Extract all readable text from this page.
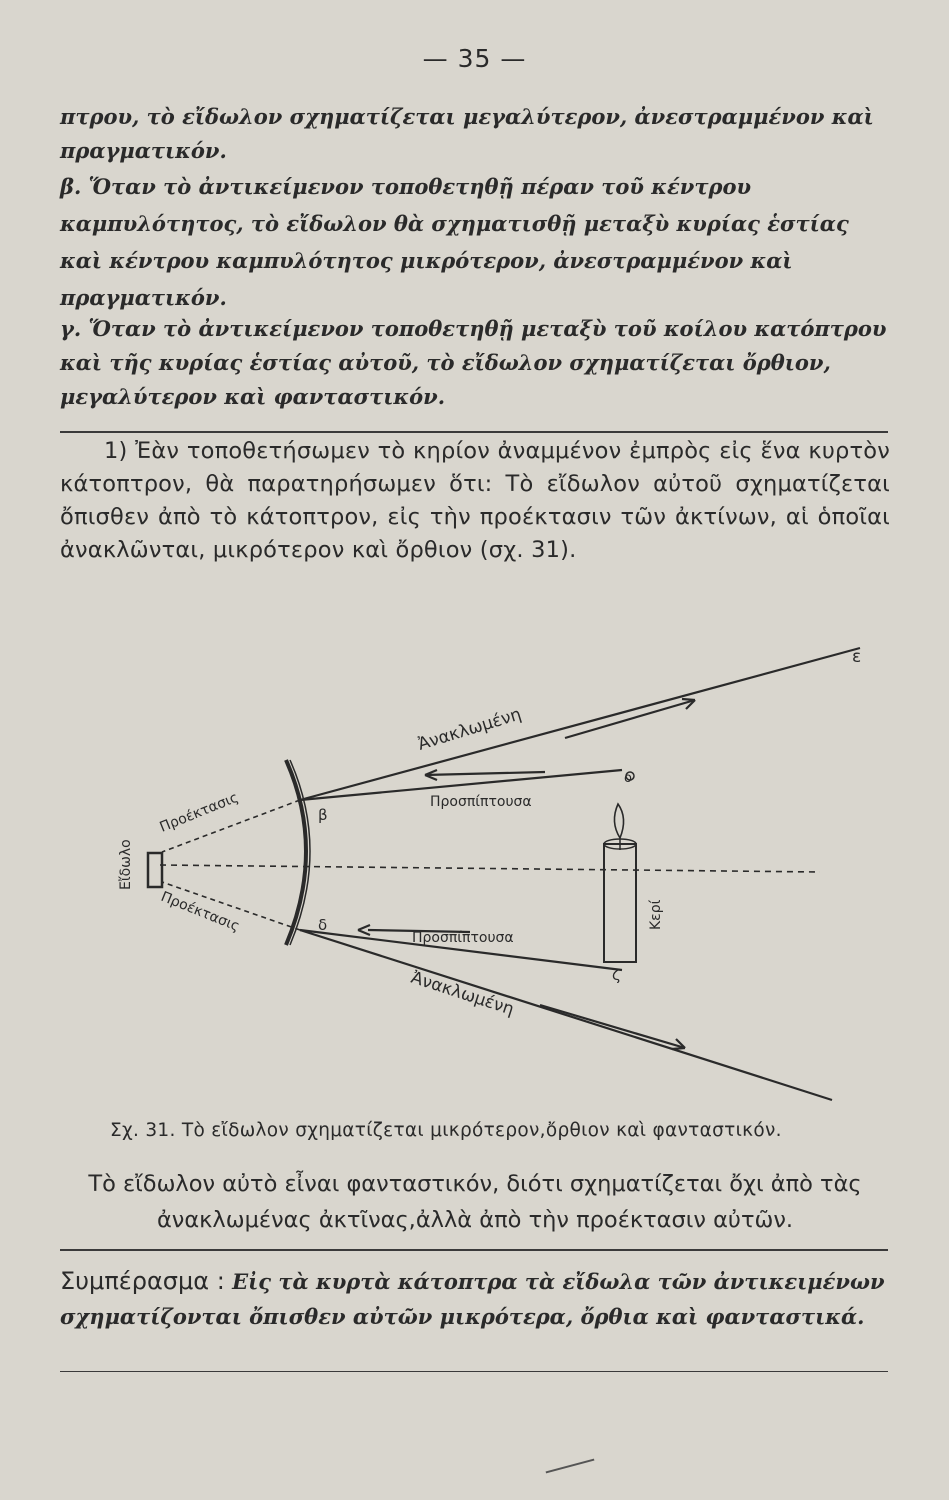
— 35 —

πτρου, τὸ εἴδωλον σχηματίζεται μεγαλύτερον, ἀνεστραμμένον καὶ πραγματικόν.

β. Ὅταν τὸ ἀντικείμενον τοποθετηθῇ πέραν τοῦ κέντρου καμπυλότητος, τὸ εἴδωλον θὰ σχηματισθῇ μεταξὺ κυρίας ἑστίας καὶ κέντρου καμπυλότητος μικρότερον, ἀνεστραμμένον καὶ πραγματικόν.

γ. Ὅταν τὸ ἀντικείμενον τοποθετηθῇ μεταξὺ τοῦ κοίλου κατόπτρου καὶ τῆς κυρίας ἑστίας αὐτοῦ, τὸ εἴδωλον σχηματίζεται ὄρθιον, μεγαλύτερον καὶ φανταστικόν.

1) Ἐὰν τοποθετήσωμεν τὸ κηρίον ἀναμμένον ἐμπρὸς εἰς ἕνα κυρτὸν κάτοπτρον, θὰ παρατηρήσωμεν ὅτι: Τὸ εἴδωλον αὐτοῦ σχηματίζεται ὄπισθεν ἀπὸ τὸ κάτοπτρον, εἰς τὴν προέκτασιν τῶν ἀκτίνων, αἱ ὁποῖαι ἀνακλῶνται, μικρότερον καὶ ὄρθιον (σχ. 31).

Ἀνακλωμένη
Προσπίπτουσα
Προσπίπτουσα
Ἀνακλωμένη
Προέκτασις
Προέκτασις
Εἴδωλο
Κερί
β
δ
ε
ο
ζ
Σχ. 31. Τὸ εἴδωλον σχηματίζεται μικρότερον,ὄρθιον καὶ φανταστικόν.

Τὸ εἴδωλον αὐτὸ εἶναι φανταστικόν, διότι σχηματίζεται ὄχι ἀπὸ τὰς ἀνακλωμένας ἀκτῖνας,ἀλλὰ ἀπὸ τὴν προέκτασιν αὐτῶν.

Συμπέρασμα : Εἰς τὰ κυρτὰ κάτοπτρα τὰ εἴδωλα τῶν ἀντικειμένων σχηματίζονται ὄπισθεν αὐτῶν μικρότερα, ὄρθια καὶ φανταστικά.
